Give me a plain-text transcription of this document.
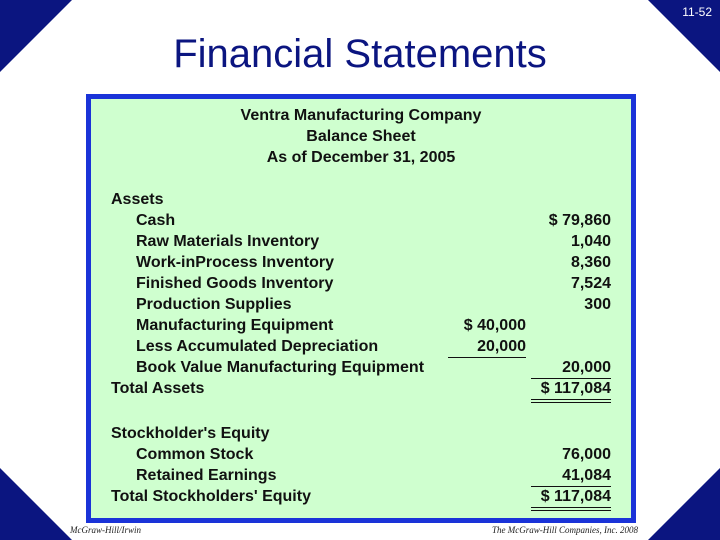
11-52
Financial Statements
Ventra Manufacturing Company
Balance Sheet
As of December 31, 2005
Assets
Cash	$ 79,860
Raw Materials Inventory	1,040
Work-inProcess Inventory	8,360
Finished Goods Inventory	7,524
Production Supplies	300
Manufacturing Equipment	$ 40,000
Less Accumulated Depreciation	20,000
Book Value Manufacturing Equipment	20,000
Total Assets	$ 117,084
Stockholder's Equity
Common Stock	76,000
Retained Earnings	41,084
Total Stockholders' Equity	$ 117,084
McGraw-Hill/Irwin	The McGraw-Hill Companies, Inc. 2008
